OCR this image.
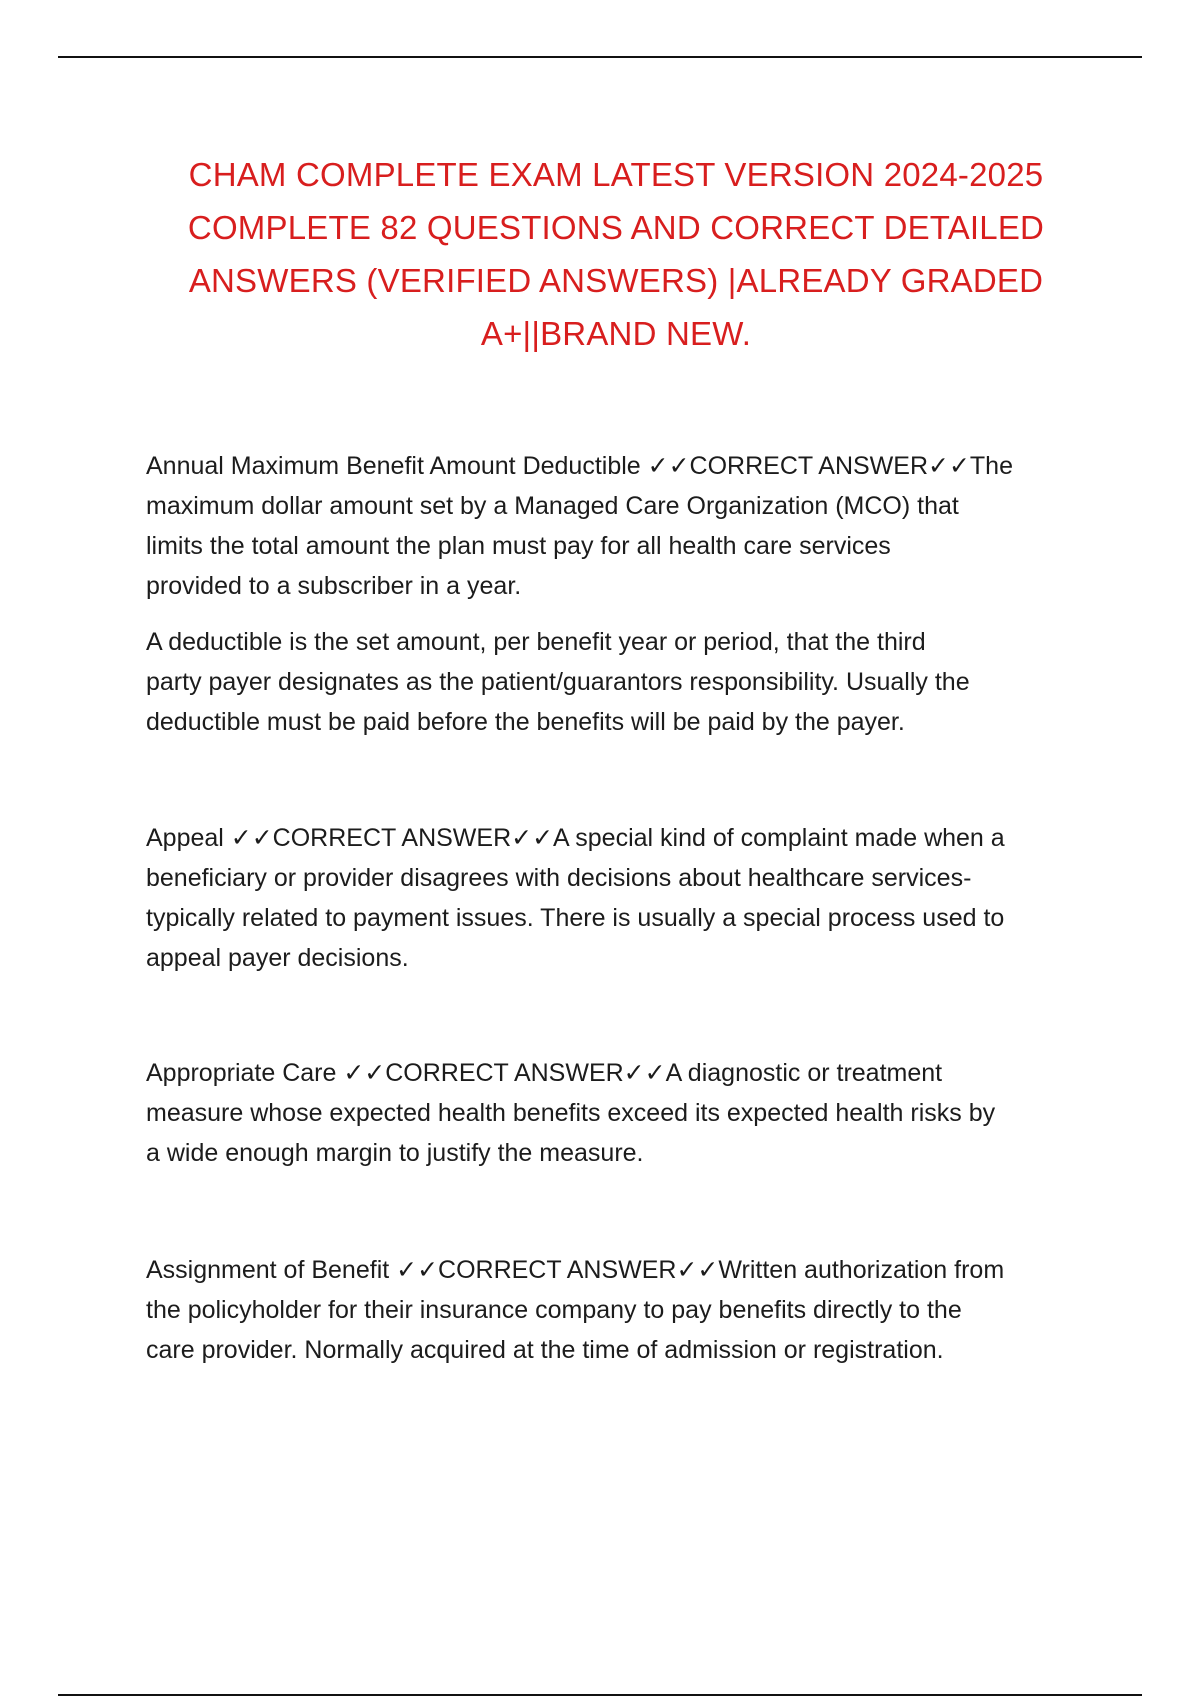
CHAM COMPLETE EXAM LATEST VERSION 2024-2025
COMPLETE 82 QUESTIONS AND CORRECT DETAILED
ANSWERS (VERIFIED ANSWERS) |ALREADY GRADED
A+||BRAND NEW.

Annual Maximum Benefit Amount Deductible ✓✓CORRECT ANSWER✓✓The
maximum dollar amount set by a Managed Care Organization (MCO) that
limits the total amount the plan must pay for all health care services
provided to a subscriber in a year.

A deductible is the set amount, per benefit year or period, that the third
party payer designates as the patient/guarantors responsibility. Usually the
deductible must be paid before the benefits will be paid by the payer.

Appeal ✓✓CORRECT ANSWER✓✓A special kind of complaint made when a
beneficiary or provider disagrees with decisions about healthcare services-
typically related to payment issues. There is usually a special process used to
appeal payer decisions.

Appropriate Care ✓✓CORRECT ANSWER✓✓A diagnostic or treatment
measure whose expected health benefits exceed its expected health risks by
a wide enough margin to justify the measure.

Assignment of Benefit ✓✓CORRECT ANSWER✓✓Written authorization from
the policyholder for their insurance company to pay benefits directly to the
care provider. Normally acquired at the time of admission or registration.
